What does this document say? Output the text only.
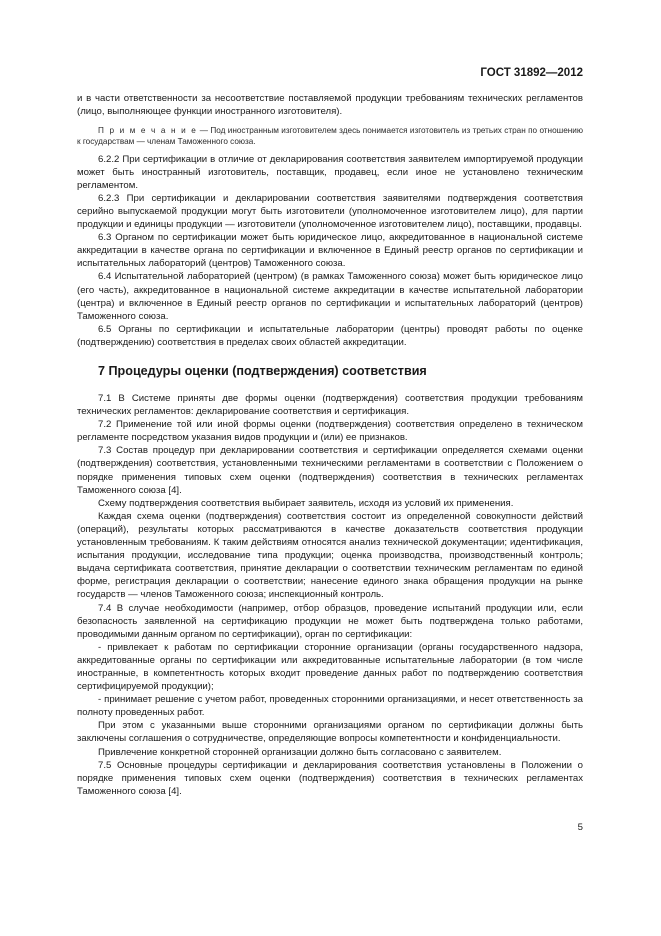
ГОСТ 31892—2012

и в части ответственности за несоответствие поставляемой продукции требованиям технических регламентов (лицо, выполняющее функции иностранного изготовителя).

П р и м е ч а н и е — Под иностранным изготовителем здесь понимается изготовитель из третьих стран по отношению к государствам — членам Таможенного союза.

6.2.2 При сертификации в отличие от декларирования соответствия заявителем импортируемой продукции может быть иностранный изготовитель, поставщик, продавец, если иное не установлено техническим регламентом.

6.2.3 При сертификации и декларировании соответствия заявителями подтверждения соответствия серийно выпускаемой продукции могут быть изготовители (уполномоченное изготовителем лицо), для партии продукции и единицы продукции — изготовители (уполномоченное изготовителем лицо), поставщики, продавцы.

6.3 Органом по сертификации может быть юридическое лицо, аккредитованное в национальной системе аккредитации в качестве органа по сертификации и включенное в Единый реестр органов по сертификации и испытательных лабораторий (центров) Таможенного союза.

6.4 Испытательной лабораторией (центром) (в рамках Таможенного союза) может быть юридическое лицо (его часть), аккредитованное в национальной системе аккредитации в качестве испытательной лаборатории (центра) и включенное в Единый реестр органов по сертификации и испытательных лабораторий (центров) Таможенного союза.

6.5 Органы по сертификации и испытательные лаборатории (центры) проводят работы по оценке (подтверждению) соответствия в пределах своих областей аккредитации.

7 Процедуры оценки (подтверждения) соответствия

7.1 В Системе приняты две формы оценки (подтверждения) соответствия продукции требованиям технических регламентов: декларирование соответствия и сертификация.

7.2 Применение той или иной формы оценки (подтверждения) соответствия определено в техническом регламенте посредством указания видов продукции и (или) ее признаков.

7.3 Состав процедур при декларировании соответствия и сертификации определяется схемами оценки (подтверждения) соответствия, установленными техническими регламентами в соответствии с Положением о порядке применения типовых схем оценки (подтверждения) соответствия в технических регламентах Таможенного союза [4].

Схему подтверждения соответствия выбирает заявитель, исходя из условий их применения.

Каждая схема оценки (подтверждения) соответствия состоит из определенной совокупности действий (операций), результаты которых рассматриваются в качестве доказательств соответствия продукции установленным требованиям. К таким действиям относятся анализ технической документации; идентификация, испытания продукции, исследование типа продукции; оценка производства, производственный контроль; выдача сертификата соответствия, принятие декларации о соответствии техническим регламентам по единой форме, регистрация декларации о соответствии; нанесение единого знака обращения продукции на рынке государств — членов Таможенного союза; инспекционный контроль.

7.4 В случае необходимости (например, отбор образцов, проведение испытаний продукции или, если безопасность заявленной на сертификацию продукции не может быть подтверждена только работами, проводимыми данным органом по сертификации), орган по сертификации:

- привлекает к работам по сертификации сторонние организации (органы государственного надзора, аккредитованные органы по сертификации или аккредитованные испытательные лаборатории (в том числе иностранные, в компетентность которых входит проведение данных работ по подтверждению соответствия сертифицируемой продукции);

- принимает решение с учетом работ, проведенных сторонними организациями, и несет ответственность за полноту проведенных работ.

При этом с указанными выше сторонними организациями органом по сертификации должны быть заключены соглашения о сотрудничестве, определяющие вопросы компетентности и конфиденциальности.

Привлечение конкретной сторонней организации должно быть согласовано с заявителем.

7.5 Основные процедуры сертификации и декларирования соответствия установлены в Положении о порядке применения типовых схем оценки (подтверждения) соответствия в технических регламентах Таможенного союза [4].

5
